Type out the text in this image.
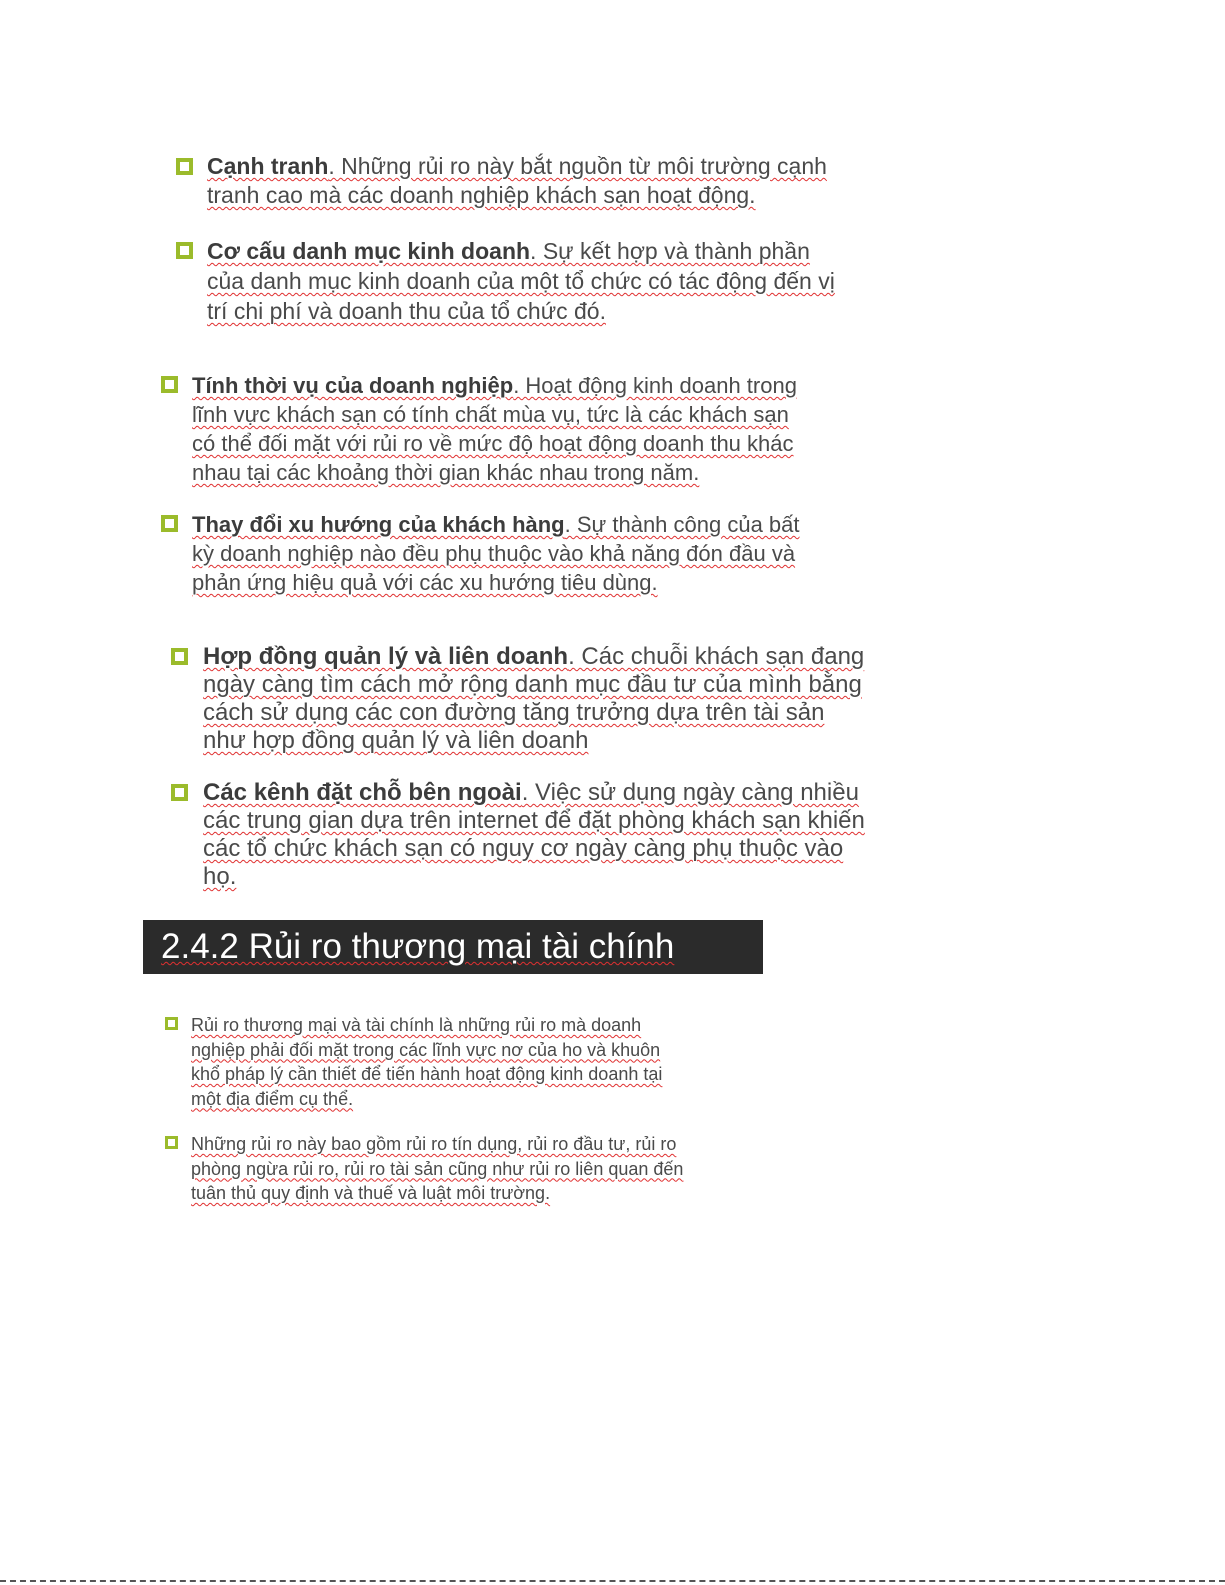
Cạnh tranh. Những rủi ro này bắt nguồn từ môi trường cạnh
tranh cao mà các doanh nghiệp khách sạn hoạt động.
Cơ cấu danh mục kinh doanh. Sự kết hợp và thành phần
của danh mục kinh doanh của một tổ chức có tác động đến vị
trí chi phí và doanh thu của tổ chức đó.
Tính thời vụ của doanh nghiệp. Hoạt động kinh doanh trong
lĩnh vực khách sạn có tính chất mùa vụ, tức là các khách sạn
có thể đối mặt với rủi ro về mức độ hoạt động doanh thu khác
nhau tại các khoảng thời gian khác nhau trong năm.
Thay đổi xu hướng của khách hàng. Sự thành công của bất
kỳ doanh nghiệp nào đều phụ thuộc vào khả năng đón đầu và
phản ứng hiệu quả với các xu hướng tiêu dùng.
Hợp đồng quản lý và liên doanh. Các chuỗi khách sạn đang
ngày càng tìm cách mở rộng danh mục đầu tư của mình bằng
cách sử dụng các con đường tăng trưởng dựa trên tài sản
như hợp đồng quản lý và liên doanh
Các kênh đặt chỗ bên ngoài. Việc sử dụng ngày càng nhiều
các trung gian dựa trên internet để đặt phòng khách sạn khiến
các tổ chức khách sạn có nguy cơ ngày càng phụ thuộc vào
họ.
2.4.2 Rủi ro thương mại tài chính
Rủi ro thương mại và tài chính là những rủi ro mà doanh
nghiệp phải đối mặt trong các lĩnh vực nơ của ho và khuôn
khổ pháp lý cần thiết để tiến hành hoạt động kinh doanh tại
một địa điểm cụ thể.
Những rủi ro này bao gồm rủi ro tín dụng, rủi ro đầu tư, rủi ro
phòng ngừa rủi ro, rủi ro tài sản cũng như rủi ro liên quan đến
tuân thủ quy định và thuế và luật môi trường.
